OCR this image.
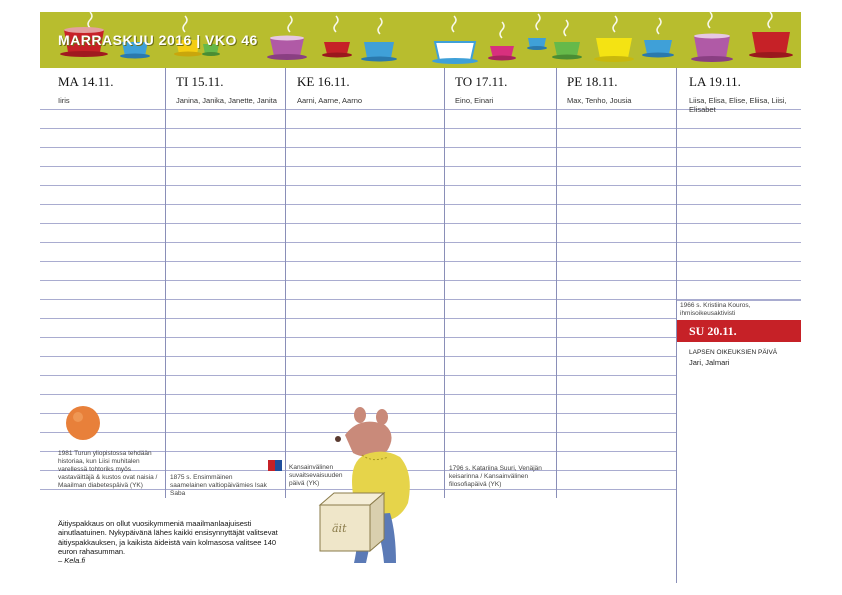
MARRASKUU 2016 | VKO 46
MA 14.11.	TI 15.11.	KE 16.11.	TO 17.11.	PE 18.11.	LA 19.11.
Iiris	Janina, Janika, Janette, Janita	Aarni, Aarne, Aarno	Eino, Einari	Max, Tenho, Jousia	Liisa, Elisa, Elise, Eliisa, Liisi, Elisabet
1966 s. Kristiina Kouros, ihmisoikeusaktivisti
SU 20.11.
LAPSEN OIKEUKSIEN PÄIVÄ
Jari, Jalmari
1981 Turun yliopistossa tehdään historiaa, kun Liisi muhitalen varellessä tohtoriks myös vastaväittäjä & kustos ovat naisia / Maailman diabetespäivä (YK)
1875 s. Ensimmäinen saamelainen valtiopäivämies Isak Saba
Kansainvälinen suvaitsevaisuuden päivä (YK)
1796 s. Katariina Suuri, Venäjän keisarinna / Kansainvälinen filosofiapäivä (YK)
äit
Äitiyspakkaus on ollut vuosikymmeniä maailmanlaajuisesti ainutlaatuinen. Nykypäivänä lähes kaikki ensisynnyttäjät valitsevat äitiyspakkauksen, ja kaikista äideistä vain kolmasosa valitsee 140 euron rahasumman.
– Kela.fi
